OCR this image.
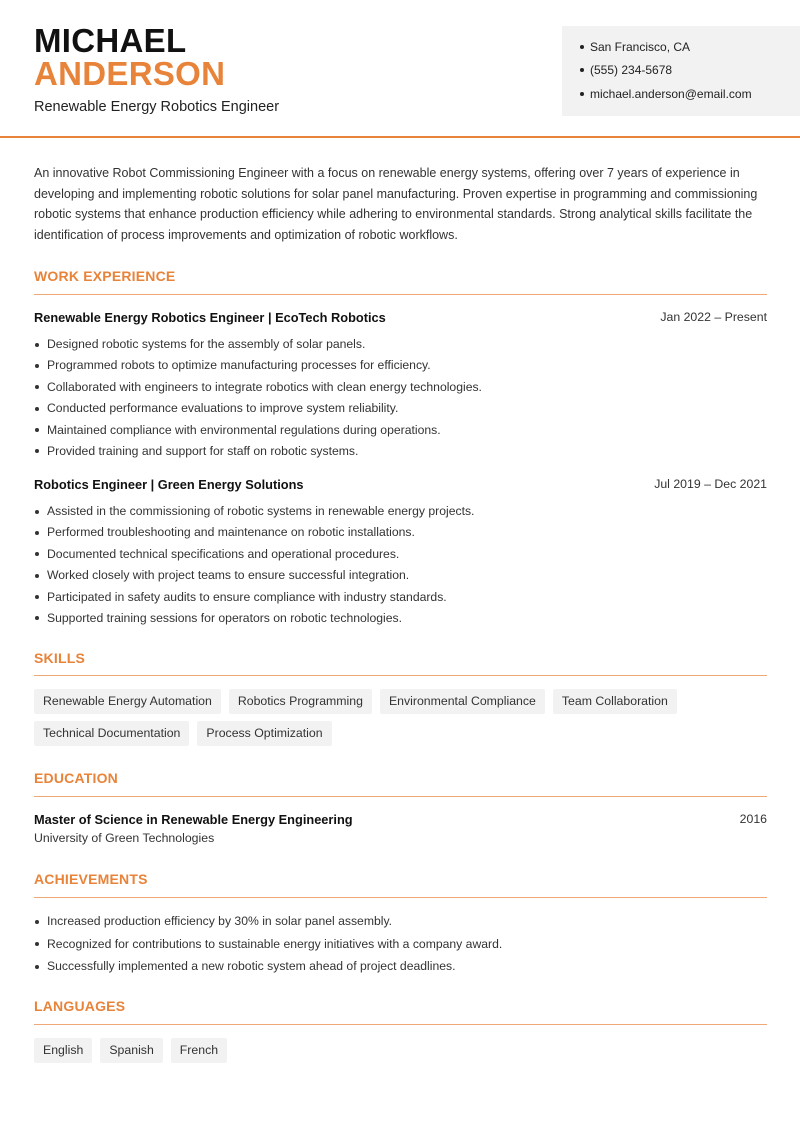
MICHAEL
ANDERSON
Renewable Energy Robotics Engineer
San Francisco, CA
(555) 234-5678
michael.anderson@email.com

An innovative Robot Commissioning Engineer with a focus on renewable energy systems, offering over 7 years of experience in developing and implementing robotic solutions for solar panel manufacturing. Proven expertise in programming and commissioning robotic systems that enhance production efficiency while adhering to environmental standards. Strong analytical skills facilitate the identification of process improvements and optimization of robotic workflows.

WORK EXPERIENCE
Renewable Energy Robotics Engineer | EcoTech Robotics	Jan 2022 – Present
Designed robotic systems for the assembly of solar panels.
Programmed robots to optimize manufacturing processes for efficiency.
Collaborated with engineers to integrate robotics with clean energy technologies.
Conducted performance evaluations to improve system reliability.
Maintained compliance with environmental regulations during operations.
Provided training and support for staff on robotic systems.
Robotics Engineer | Green Energy Solutions	Jul 2019 – Dec 2021
Assisted in the commissioning of robotic systems in renewable energy projects.
Performed troubleshooting and maintenance on robotic installations.
Documented technical specifications and operational procedures.
Worked closely with project teams to ensure successful integration.
Participated in safety audits to ensure compliance with industry standards.
Supported training sessions for operators on robotic technologies.
SKILLS
Renewable Energy Automation	Robotics Programming	Environmental Compliance	Team Collaboration
Technical Documentation	Process Optimization
EDUCATION
Master of Science in Renewable Energy Engineering	2016
University of Green Technologies
ACHIEVEMENTS
Increased production efficiency by 30% in solar panel assembly.
Recognized for contributions to sustainable energy initiatives with a company award.
Successfully implemented a new robotic system ahead of project deadlines.
LANGUAGES
English	Spanish	French
